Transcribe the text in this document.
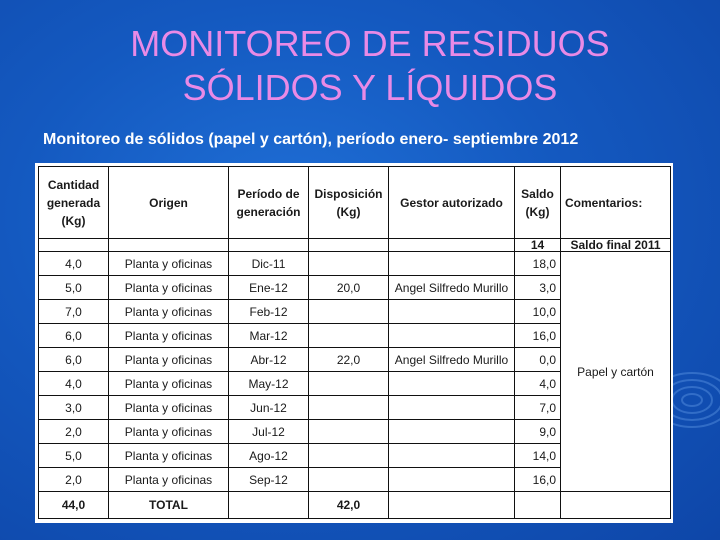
MONITOREO DE RESIDUOS
SÓLIDOS Y LÍQUIDOS

Monitoreo de sólidos (papel y cartón), período enero- septiembre 2012

Cantidad generada (Kg)	Origen	Período de generación	Disposición (Kg)	Gestor autorizado	Saldo (Kg)	Comentarios:
					14	Saldo final 2011
4,0	Planta y oficinas	Dic-11			18,0	Papel y cartón
5,0	Planta y oficinas	Ene-12	20,0	Angel Silfredo Murillo	3,0	
7,0	Planta y oficinas	Feb-12			10,0	
6,0	Planta y oficinas	Mar-12			16,0	
6,0	Planta y oficinas	Abr-12	22,0	Angel Silfredo Murillo	0,0	
4,0	Planta y oficinas	May-12			4,0	
3,0	Planta y oficinas	Jun-12			7,0	
2,0	Planta y oficinas	Jul-12			9,0	
5,0	Planta y oficinas	Ago-12			14,0	
2,0	Planta y oficinas	Sep-12			16,0	
44,0	TOTAL		42,0			
